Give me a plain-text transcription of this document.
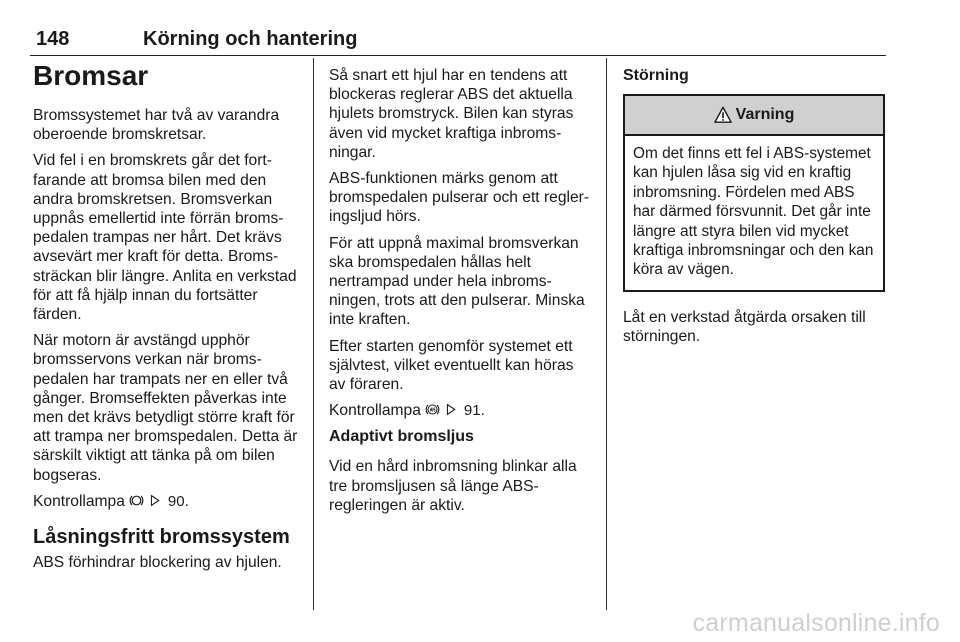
148	Körning och hantering
Bromsar

Bromssystemet har två av varandra oberoende bromskretsar.

Vid fel i en bromskrets går det fortfarande att bromsa bilen med den andra bromskretsen. Bromsverkan uppnås emellertid inte förrän bromspedalen trampas ner hårt. Det krävs avsevärt mer kraft för detta. Bromssträckan blir längre. Anlita en verkstad för att få hjälp innan du fortsätter färden.

När motorn är avstängd upphör bromsservons verkan när bromspedalen har trampats ner en eller två gånger. Bromseffekten påverkas inte men det krävs betydligt större kraft för att trampa ner bromspedalen. Detta är särskilt viktigt att tänka på om bilen bogseras.

Kontrollampa	90.

Låsningsfritt bromssystem

ABS förhindrar blockering av hjulen.

Så snart ett hjul har en tendens att blockeras reglerar ABS det aktuella hjulets bromstryck. Bilen kan styras även vid mycket kraftiga inbromsningar.

ABS-funktionen märks genom att bromspedalen pulserar och ett regleringsljud hörs.

För att uppnå maximal bromsverkan ska bromspedalen hållas helt nertrampad under hela inbromsningen, trots att den pulserar. Minska inte kraften.

Efter starten genomför systemet ett självtest, vilket eventuellt kan höras av föraren.

Kontrollampa	91.

Adaptivt bromsljus

Vid en hård inbromsning blinkar alla tre bromsljusen så länge ABS-regleringen är aktiv.

Störning
Varning
Om det finns ett fel i ABS-systemet kan hjulen låsa sig vid en kraftig inbromsning. Fördelen med ABS har därmed försvunnit. Det går inte längre att styra bilen vid mycket kraftiga inbromsningar och den kan köra av vägen.

Låt en verkstad åtgärda orsaken till störningen.

carmanualsonline.info
